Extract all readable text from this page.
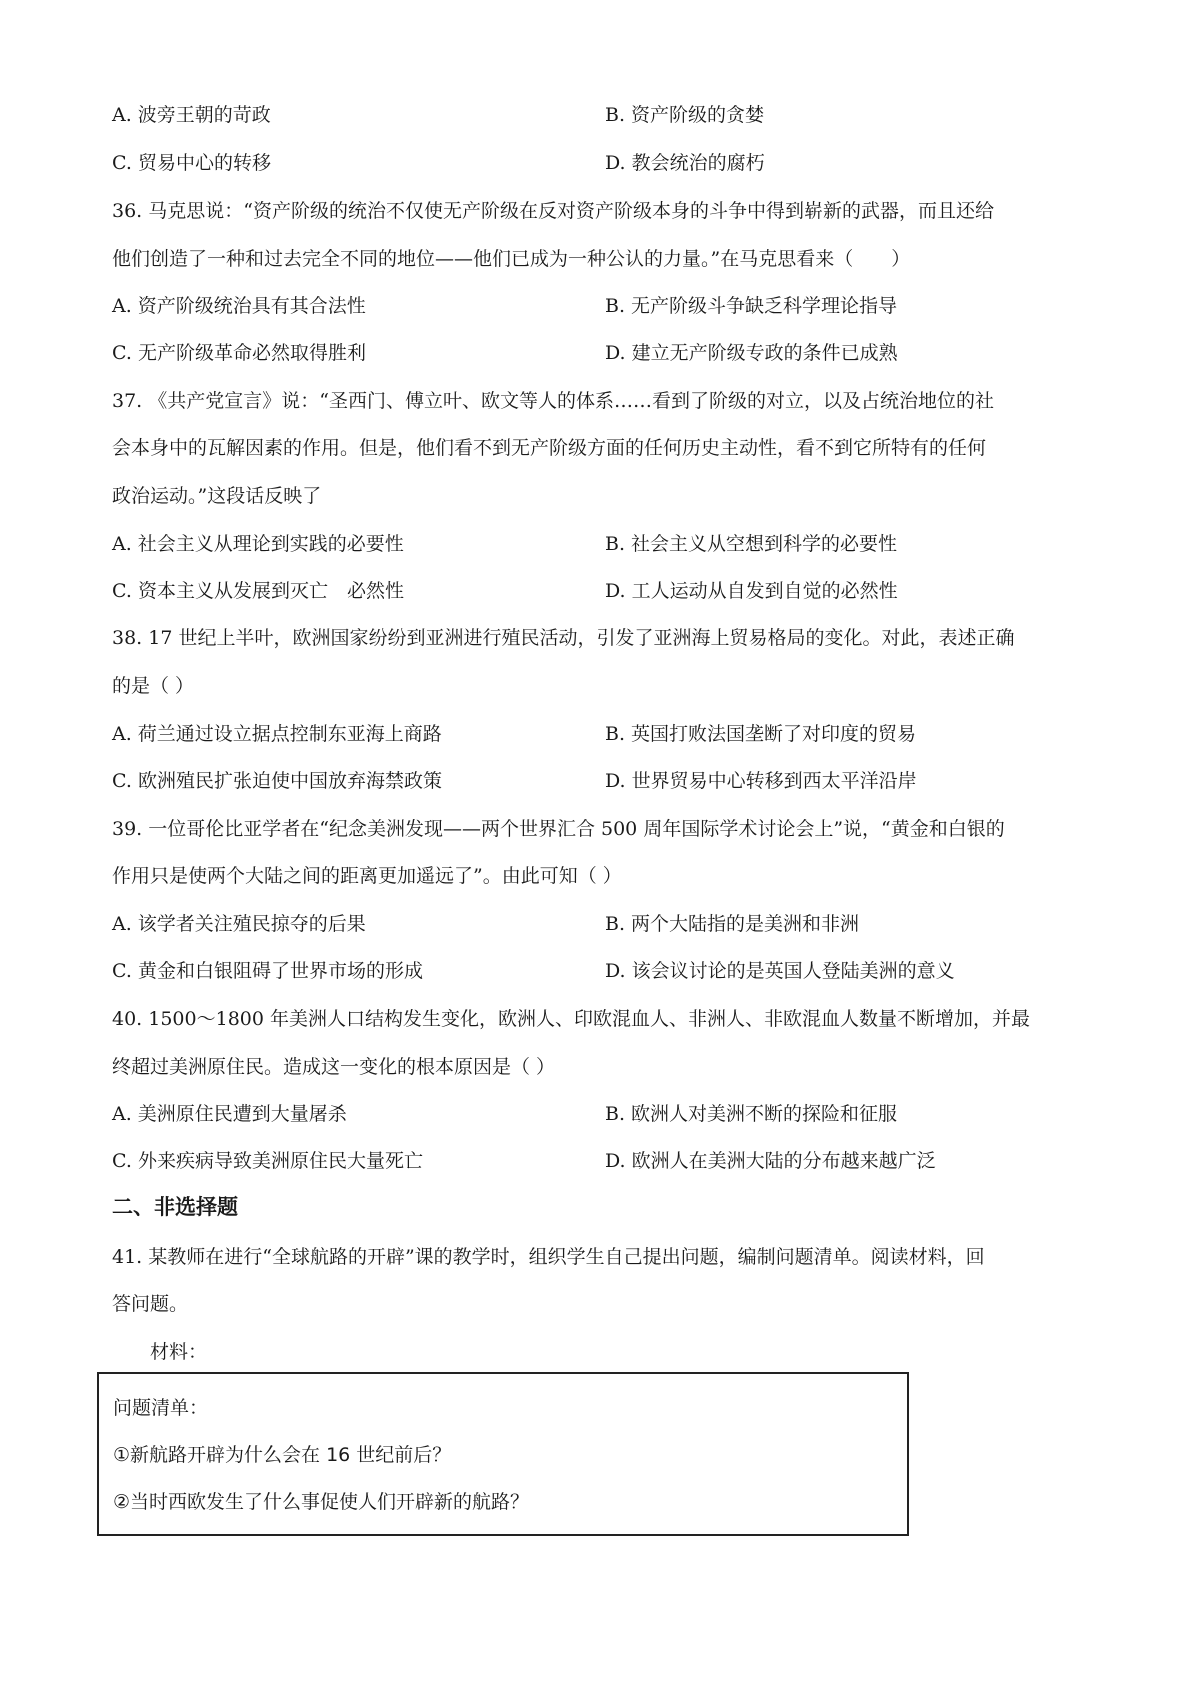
A. 波旁王朝的苛政	B. 资产阶级的贪婪
C. 贸易中心的转移	D. 教会统治的腐朽
36. 马克思说：“资产阶级的统治不仅使无产阶级在反对资产阶级本身的斗争中得到崭新的武器，而且还给
他们创造了一种和过去完全不同的地位——他们已成为一种公认的力量。”在马克思看来（　　）
A. 资产阶级统治具有其合法性	B. 无产阶级斗争缺乏科学理论指导
C. 无产阶级革命必然取得胜利	D. 建立无产阶级专政的条件已成熟
37. 《共产党宣言》说：“圣西门、傅立叶、欧文等人的体系……看到了阶级的对立，以及占统治地位的社
会本身中的瓦解因素的作用。但是，他们看不到无产阶级方面的任何历史主动性，看不到它所特有的任何
政治运动。”这段话反映了
A. 社会主义从理论到实践的必要性	B. 社会主义从空想到科学的必要性
C. 资本主义从发展到灭亡　必然性	D. 工人运动从自发到自觉的必然性
38. 17 世纪上半叶，欧洲国家纷纷到亚洲进行殖民活动，引发了亚洲海上贸易格局的变化。对此，表述正确
的是（ ）
A. 荷兰通过设立据点控制东亚海上商路	B. 英国打败法国垄断了对印度的贸易
C. 欧洲殖民扩张迫使中国放弃海禁政策	D. 世界贸易中心转移到西太平洋沿岸
39. 一位哥伦比亚学者在“纪念美洲发现——两个世界汇合 500 周年国际学术讨论会上”说，“黄金和白银的
作用只是使两个大陆之间的距离更加遥远了”。由此可知（ ）
A. 该学者关注殖民掠夺的后果	B. 两个大陆指的是美洲和非洲
C. 黄金和白银阻碍了世界市场的形成	D. 该会议讨论的是英国人登陆美洲的意义
40. 1500～1800 年美洲人口结构发生变化，欧洲人、印欧混血人、非洲人、非欧混血人数量不断增加，并最
终超过美洲原住民。造成这一变化的根本原因是（ ）
A. 美洲原住民遭到大量屠杀	B. 欧洲人对美洲不断的探险和征服
C. 外来疾病导致美洲原住民大量死亡	D. 欧洲人在美洲大陆的分布越来越广泛
二、非选择题
41. 某教师在进行“全球航路的开辟”课的教学时，组织学生自己提出问题，编制问题清单。阅读材料，回
答问题。
材料：
问题清单：
①新航路开辟为什么会在 16 世纪前后？
②当时西欧发生了什么事促使人们开辟新的航路？
